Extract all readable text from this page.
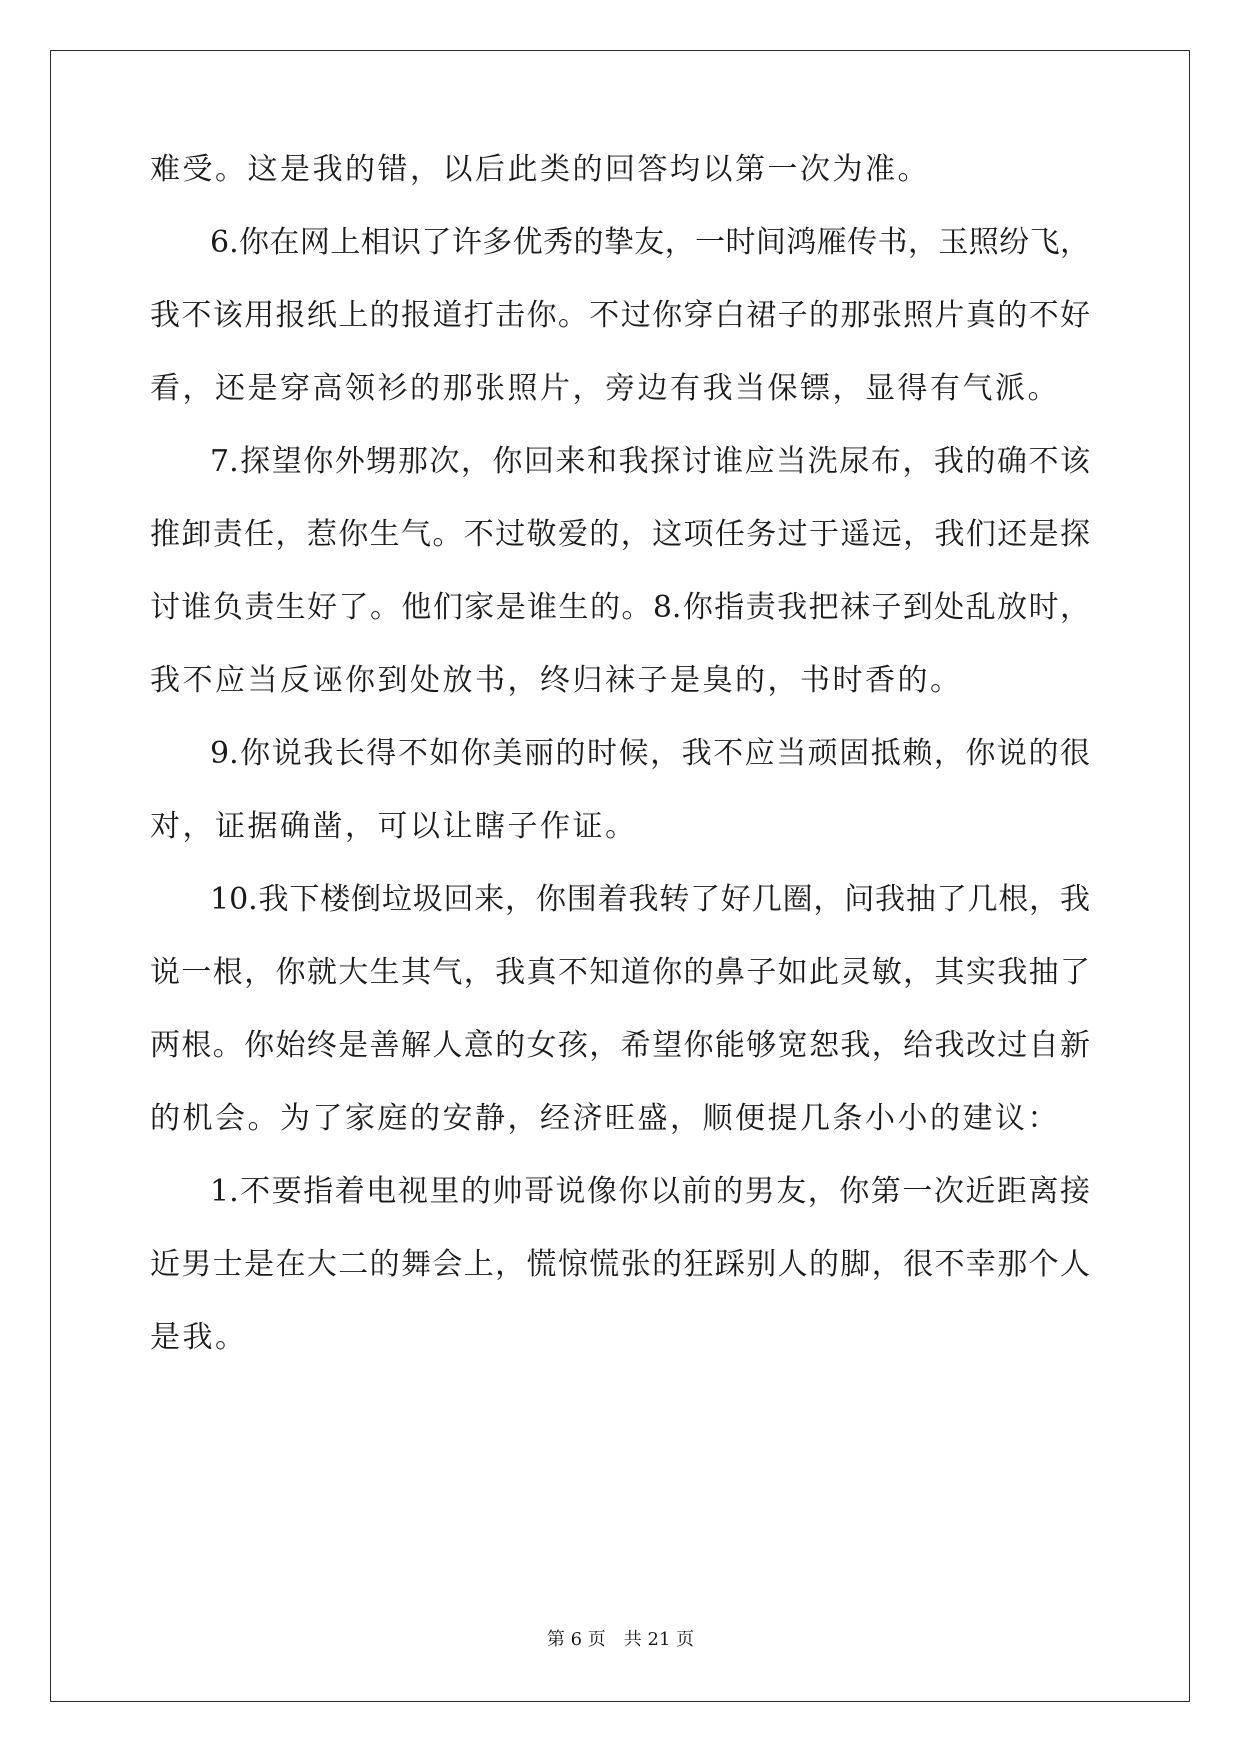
难受。这是我的错，以后此类的回答均以第一次为准。
6.你在网上相识了许多优秀的挚友，一时间鸿雁传书，玉照纷飞，
我不该用报纸上的报道打击你。不过你穿白裙子的那张照片真的不好
看，还是穿高领衫的那张照片，旁边有我当保镖，显得有气派。
7.探望你外甥那次，你回来和我探讨谁应当洗尿布，我的确不该
推卸责任，惹你生气。不过敬爱的，这项任务过于遥远，我们还是探
讨谁负责生好了。他们家是谁生的。8.你指责我把袜子到处乱放时，
我不应当反诬你到处放书，终归袜子是臭的，书时香的。
9.你说我长得不如你美丽的时候，我不应当顽固抵赖，你说的很
对，证据确凿，可以让瞎子作证。
10.我下楼倒垃圾回来，你围着我转了好几圈，问我抽了几根，我
说一根，你就大生其气，我真不知道你的鼻子如此灵敏，其实我抽了
两根。你始终是善解人意的女孩，希望你能够宽恕我，给我改过自新
的机会。为了家庭的安静，经济旺盛，顺便提几条小小的建议：
1.不要指着电视里的帅哥说像你以前的男友，你第一次近距离接
近男士是在大二的舞会上，慌惊慌张的狂踩别人的脚，很不幸那个人
是我。
第 6 页 共 21 页
